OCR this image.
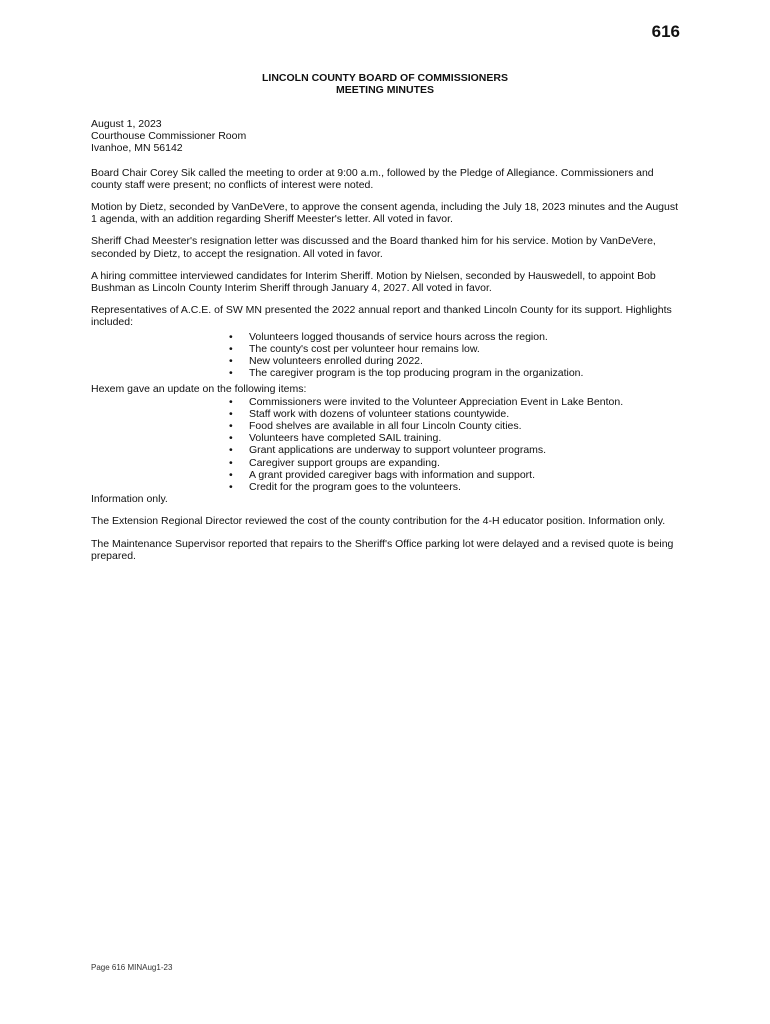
616
LINCOLN COUNTY BOARD OF COMMISSIONERS
MEETING MINUTES
August 1, 2023
Courthouse Commissioner Room
Ivanhoe, MN 56142

Board Chair Corey Sik called the meeting to order at 9:00 a.m., followed by the Pledge of Allegiance. Commissioners and county staff were present; no conflicts of interest were noted.

Motion by Dietz, seconded by VanDeVere, to approve the consent agenda, including the July 18, 2023 minutes and the August 1 agenda, with an addition regarding Sheriff Meester's letter. All voted in favor.

Sheriff Chad Meester's resignation letter was discussed and the Board thanked him for his service. Motion by VanDeVere, seconded by Dietz, to accept the resignation. All voted in favor.

A hiring committee interviewed candidates for Interim Sheriff. Motion by Nielsen, seconded by Hauswedell, to appoint Bob Bushman as Lincoln County Interim Sheriff through January 4, 2027. All voted in favor.

Representatives of A.C.E. of SW MN presented the 2022 annual report and thanked Lincoln County for its support. Highlights included:

• Volunteers logged thousands of service hours across the region.
• The county's cost per volunteer hour remains low.
• New volunteers enrolled during 2022.
• The caregiver program is the top producing program in the organization.
Hexem gave an update on the following items:
• Commissioners were invited to the Volunteer Appreciation Event in Lake Benton.
• Staff work with dozens of volunteer stations countywide.
• Food shelves are available in all four Lincoln County cities.
• Volunteers have completed SAIL training.
• Grant applications are underway to support volunteer programs.
• Caregiver support groups are expanding.
• A grant provided caregiver bags with information and support.
• Credit for the program goes to the volunteers.

Information only.

The Extension Regional Director reviewed the cost of the county contribution for the 4-H educator position. Information only.

The Maintenance Supervisor reported that repairs to the Sheriff's Office parking lot were delayed and a revised quote is being prepared.

Page 616 MINAug1-23
